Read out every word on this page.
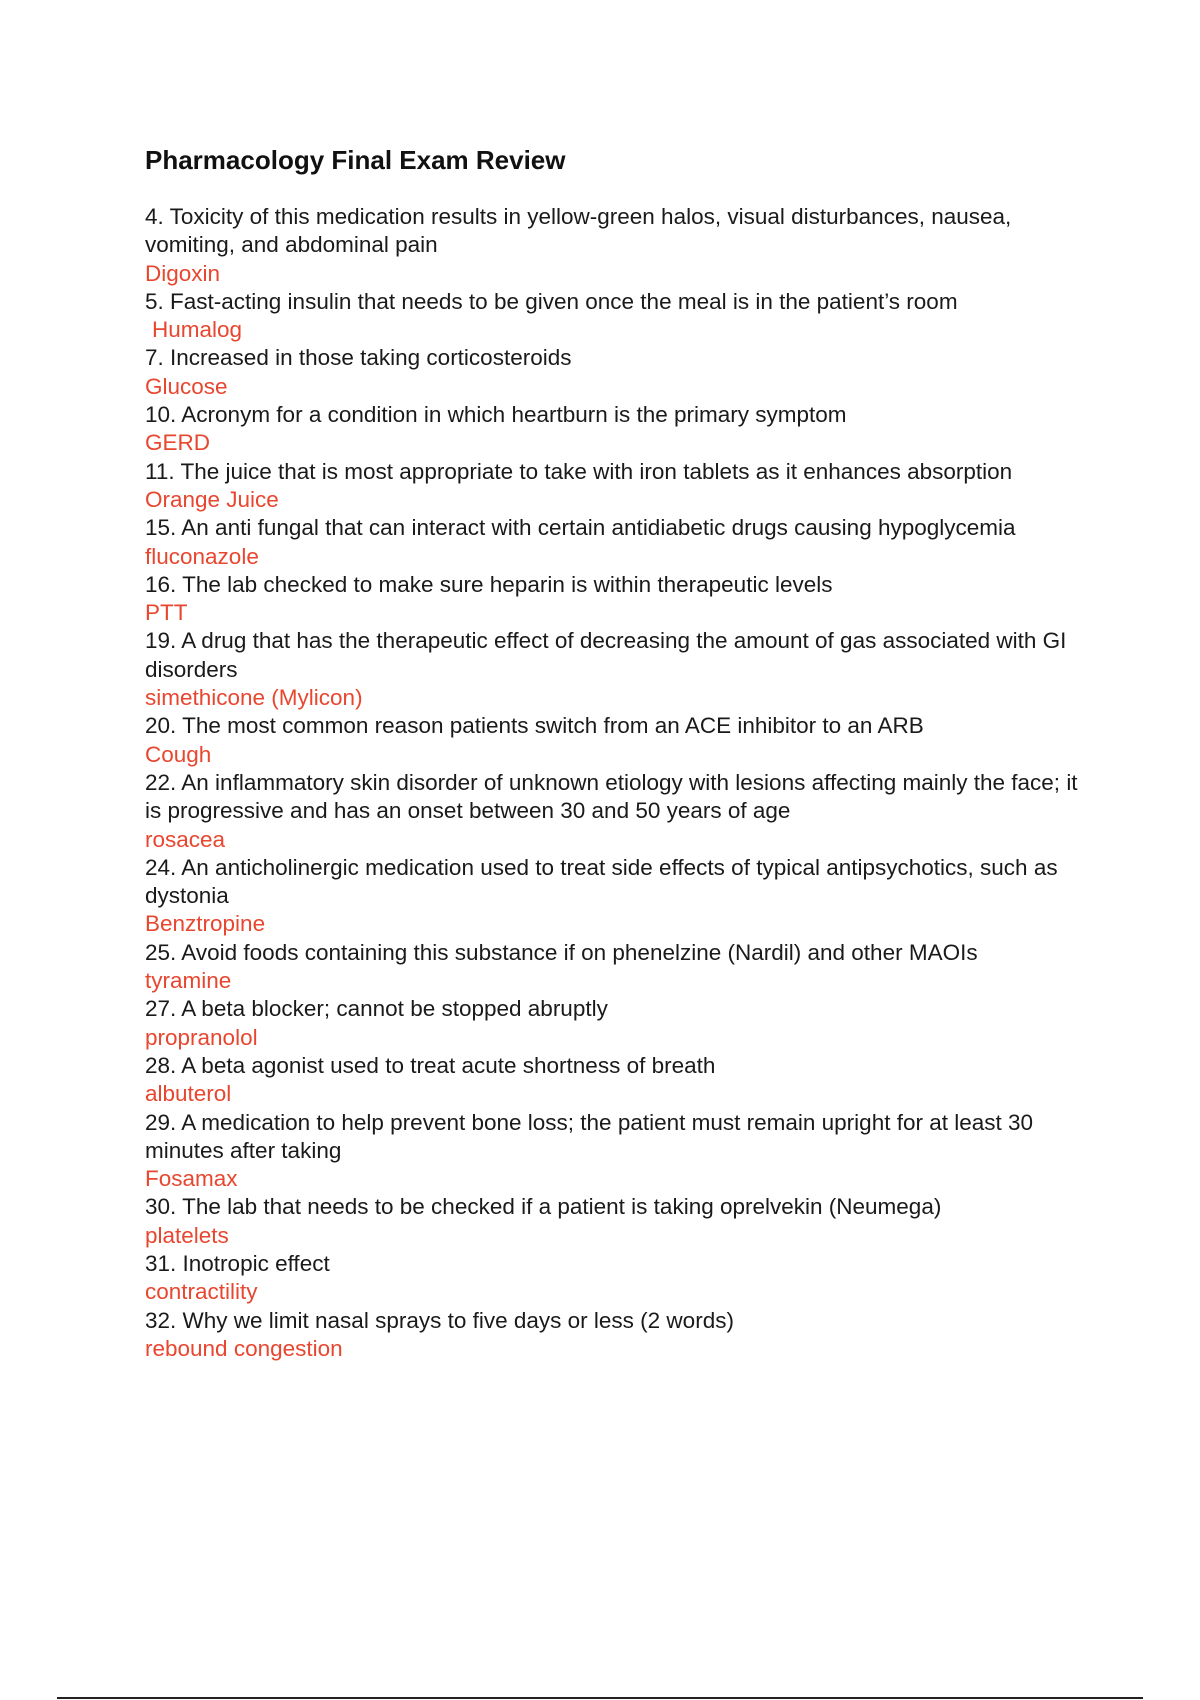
Pharmacology Final Exam Review
4. Toxicity of this medication results in yellow-green halos, visual disturbances, nausea, vomiting, and abdominal pain
Digoxin
5. Fast-acting insulin that needs to be given once the meal is in the patient’s room
Humalog
7. Increased in those taking corticosteroids
Glucose
10. Acronym for a condition in which heartburn is the primary symptom
GERD
11. The juice that is most appropriate to take with iron tablets as it enhances absorption
Orange Juice
15. An anti fungal that can interact with certain antidiabetic drugs causing hypoglycemia
fluconazole
16. The lab checked to make sure heparin is within therapeutic levels
PTT
19. A drug that has the therapeutic effect of decreasing the amount of gas associated with GI disorders
simethicone (Mylicon)
20. The most common reason patients switch from an ACE inhibitor to an ARB
Cough
22. An inflammatory skin disorder of unknown etiology with lesions affecting mainly the face; it is progressive and has an onset between 30 and 50 years of age
rosacea
24. An anticholinergic medication used to treat side effects of typical antipsychotics, such as dystonia
Benztropine
25. Avoid foods containing this substance if on phenelzine (Nardil) and other MAOIs
tyramine
27. A beta blocker; cannot be stopped abruptly
propranolol
28. A beta agonist used to treat acute shortness of breath
albuterol
29. A medication to help prevent bone loss; the patient must remain upright for at least 30 minutes after taking
Fosamax
30. The lab that needs to be checked if a patient is taking oprelvekin (Neumega)
platelets
31. Inotropic effect
contractility
32. Why we limit nasal sprays to five days or less (2 words)
rebound congestion
